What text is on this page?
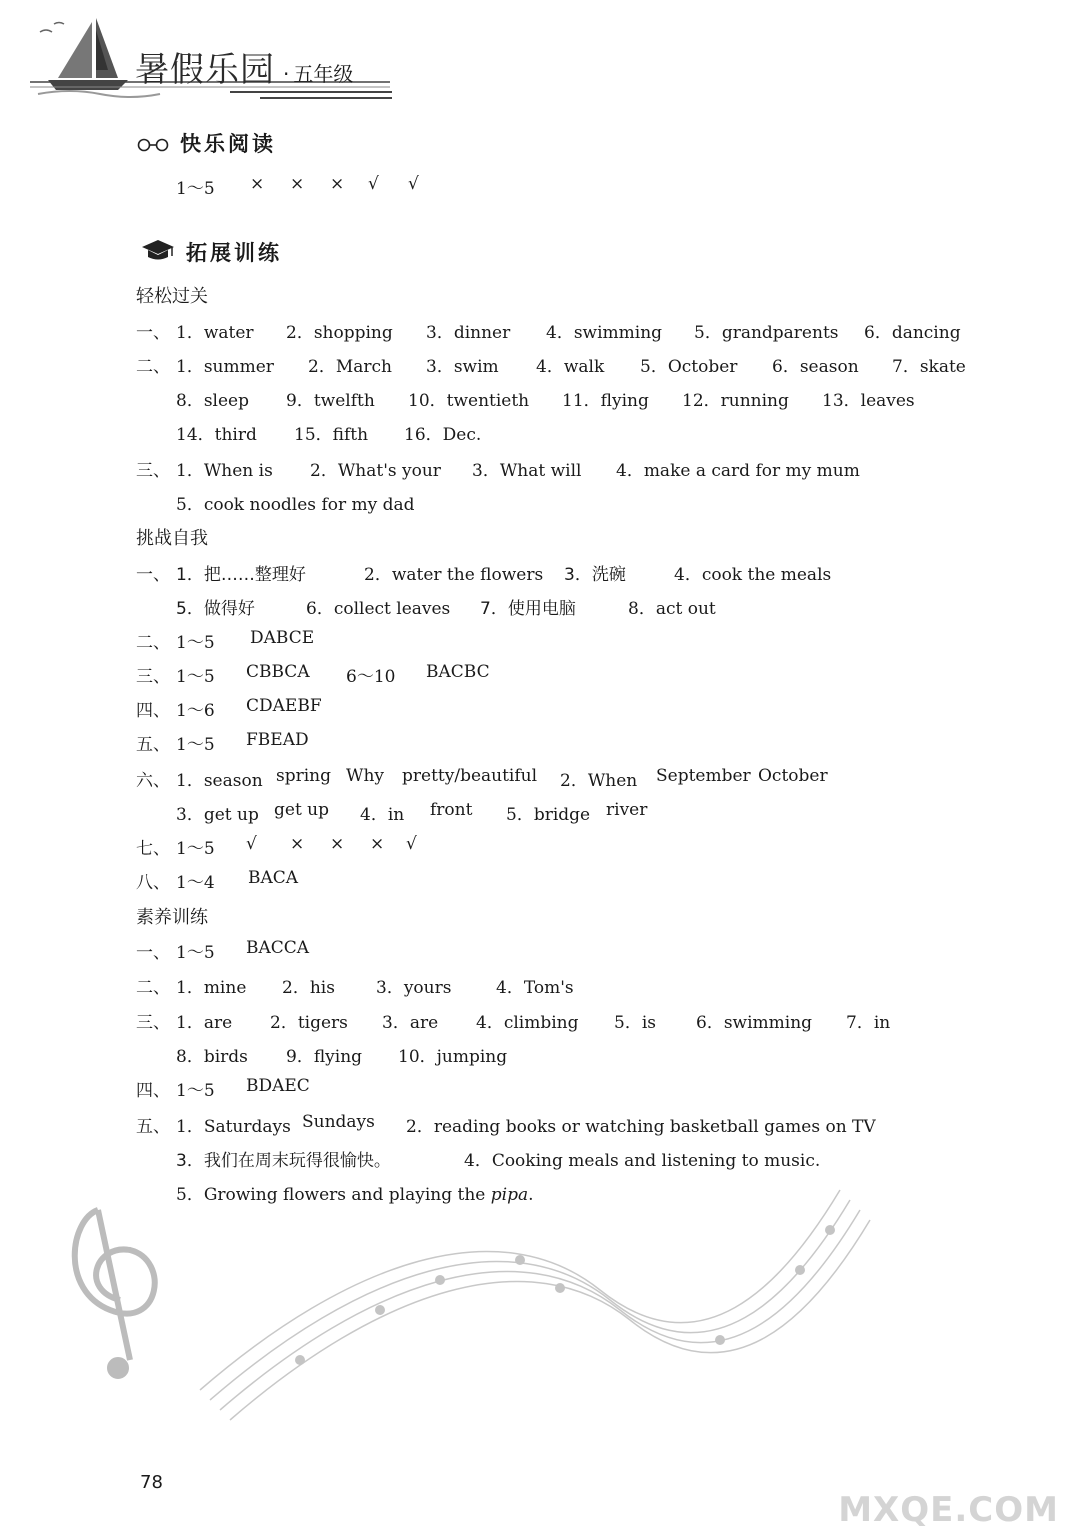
暑假乐园 · 五年级
快乐阅读
1～5 × × × √ √
拓展训练
轻松过关
一、 1．water 2．shopping 3．dinner 4．swimming 5．grandparents 6．dancing
二、 1．summer 2．March 3．swim 4．walk 5．October 6．season 7．skate
8．sleep 9．twelfth 10．twentieth 11．flying 12．running 13．leaves
14．third 15．fifth 16．Dec.
三、 1．When is 2．What's your 3．What will 4．make a card for my mum
5．cook noodles for my dad
挑战自我
一、 1．把……整理好	2．water the flowers 3．洗碗	4．cook the meals
5．做得好	6．collect leaves 7．使用电脑	8．act out
二、 1～5 DABCE
三、 1～5 CBBCA 6～10 BACBC
四、 1～6 CDAEBF
五、 1～5 FBEAD
六、 1．season spring Why pretty/beautiful 2．When September October
3．get up get up 4．in front 5．bridge river
七、 1～5 √ × × × √
八、 1～4 BACA
素养训练
一、 1～5 BACCA
二、 1．mine 2．his 3．yours	4．Tom's
三、 1．are 2．tigers 3．are 4．climbing 5．is 6．swimming 7．in
8．birds 9．flying 10．jumping
四、 1～5 BDAEC
五、 1．Saturdays Sundays 2．reading books or watching basketball games on TV
3．我们在周末玩得很愉快。	4．Cooking meals and listening to music.
5．Growing flowers and playing the pipa.
78
MXQE.COM
